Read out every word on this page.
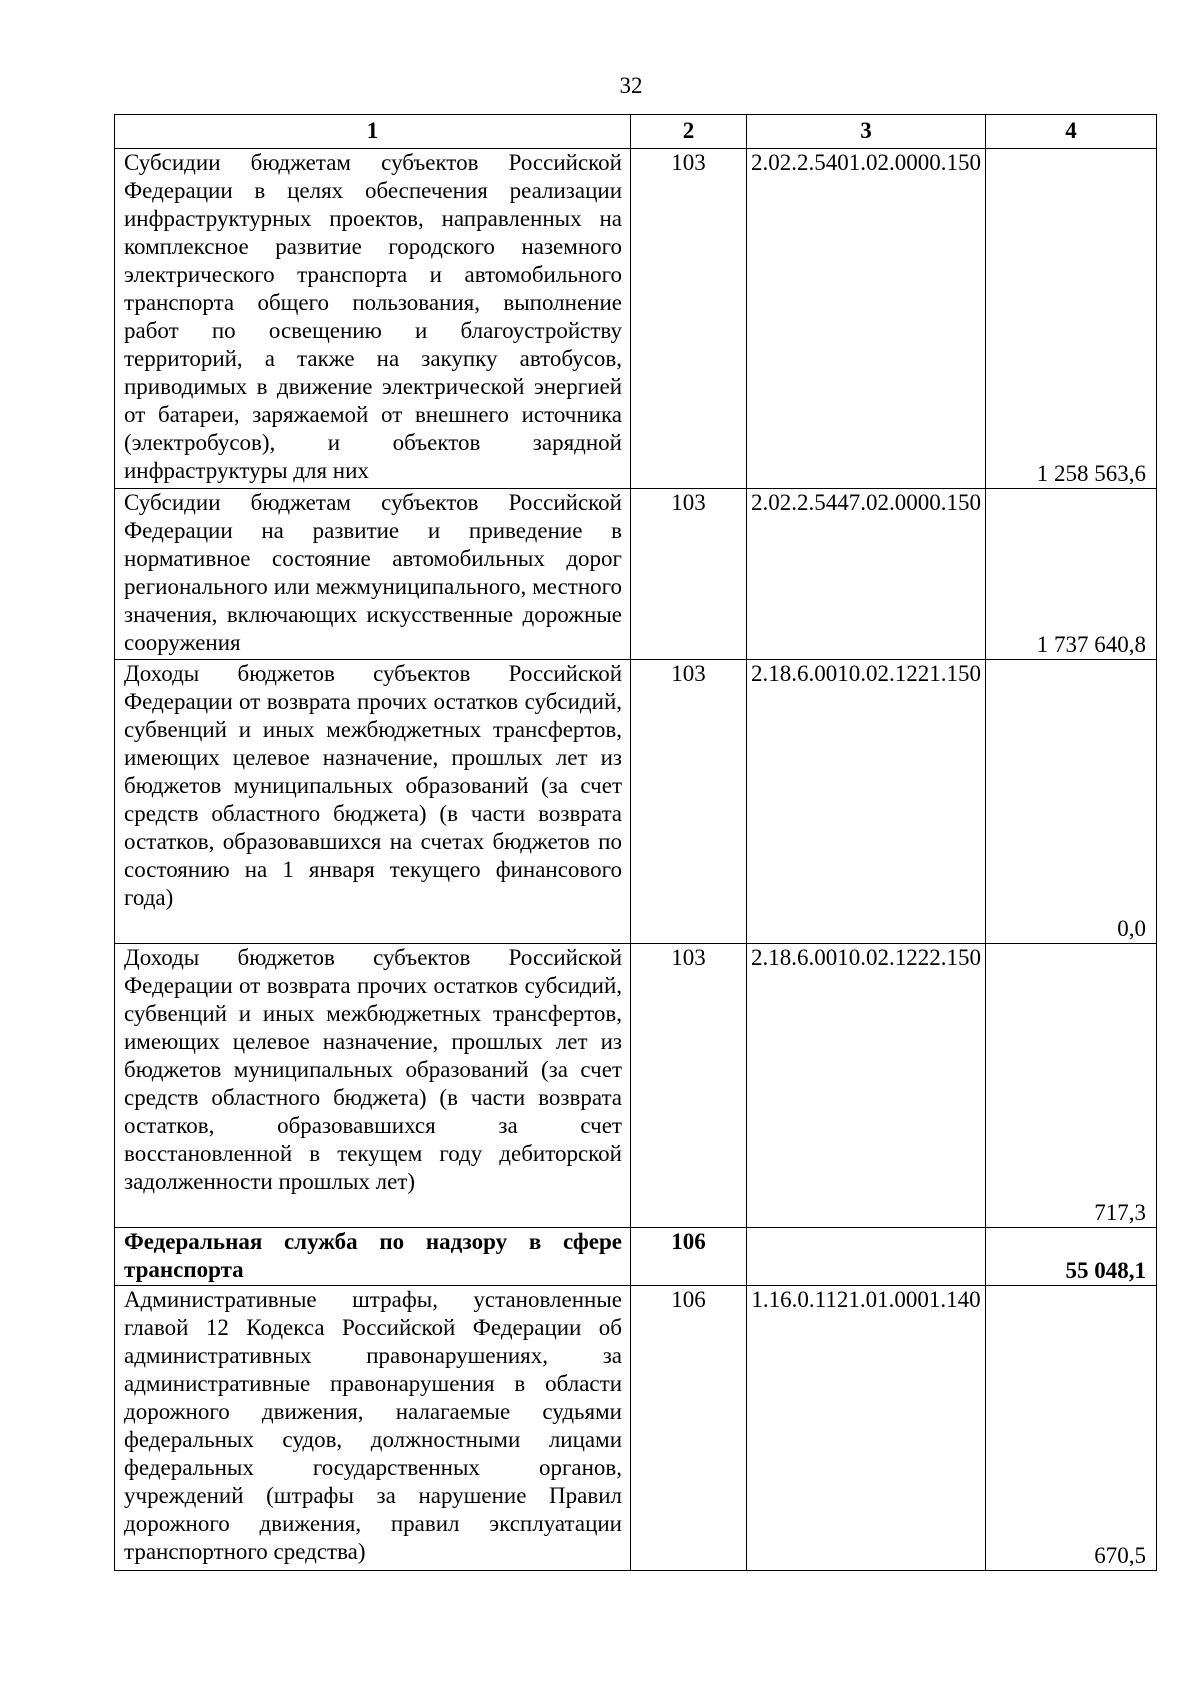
32
1	2	3	4
Субсидии бюджетам субъектов Российской Федерации в целях обеспечения реализации инфраструктурных проектов, направленных на комплексное развитие городского наземного электрического транспорта и автомобильного транспорта общего пользования, выполнение работ по освещению и благоустройству территорий, а также на закупку автобусов, приводимых в движение электрической энергией от батареи, заряжаемой от внешнего источника (электробусов), и объектов зарядной инфраструктуры для них	103	2.02.2.5401.02.0000.150	1 258 563,6
Субсидии бюджетам субъектов Российской Федерации на развитие и приведение в нормативное состояние автомобильных дорог регионального или межмуниципального, местного значения, включающих искусственные дорожные сооружения	103	2.02.2.5447.02.0000.150	1 737 640,8
Доходы бюджетов субъектов Российской Федерации от возврата прочих остатков субсидий, субвенций и иных межбюджетных трансфертов, имеющих целевое назначение, прошлых лет из бюджетов муниципальных образований (за счет средств областного бюджета) (в части возврата остатков, образовавшихся на счетах бюджетов по состоянию на 1 января текущего финансового года)	103	2.18.6.0010.02.1221.150	0,0
Доходы бюджетов субъектов Российской Федерации от возврата прочих остатков субсидий, субвенций и иных межбюджетных трансфертов, имеющих целевое назначение, прошлых лет из бюджетов муниципальных образований (за счет средств областного бюджета) (в части возврата остатков, образовавшихся за счет восстановленной в текущем году дебиторской задолженности прошлых лет)	103	2.18.6.0010.02.1222.150	717,3
Федеральная служба по надзору в сфере транспорта	106		55 048,1
Административные штрафы, установленные главой 12 Кодекса Российской Федерации об административных правонарушениях, за административные правонарушения в области дорожного движения, налагаемые судьями федеральных судов, должностными лицами федеральных государственных органов, учреждений (штрафы за нарушение Правил дорожного движения, правил эксплуатации транспортного средства)	106	1.16.0.1121.01.0001.140	670,5
